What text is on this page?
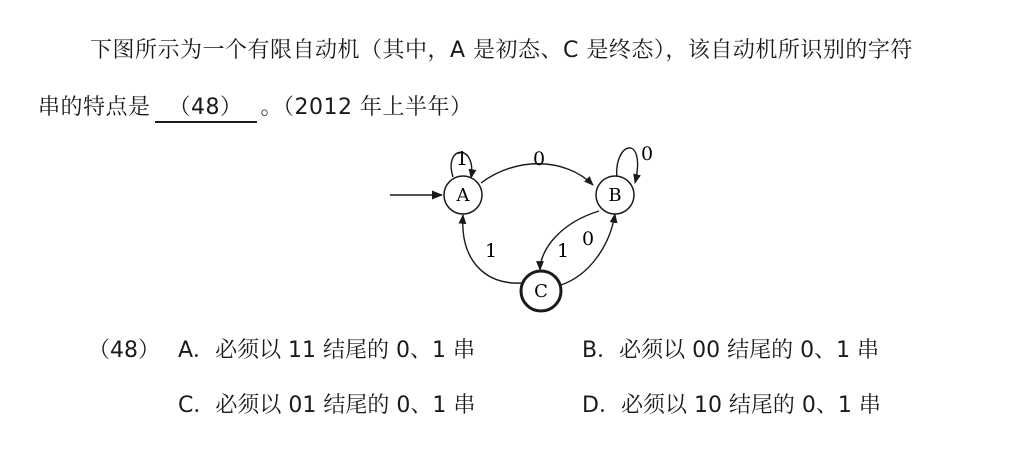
下图所示为一个有限自动机（其中，A 是初态、C 是终态），该自动机所识别的字符
串的特点是 （48） 。（2012 年上半年）
1	0	0
1
0
1
A	B
C
（48） A．必须以 11 结尾的 0、1 串	B．必须以 00 结尾的 0、1 串
C．必须以 01 结尾的 0、1 串	D．必须以 10 结尾的 0、1 串
